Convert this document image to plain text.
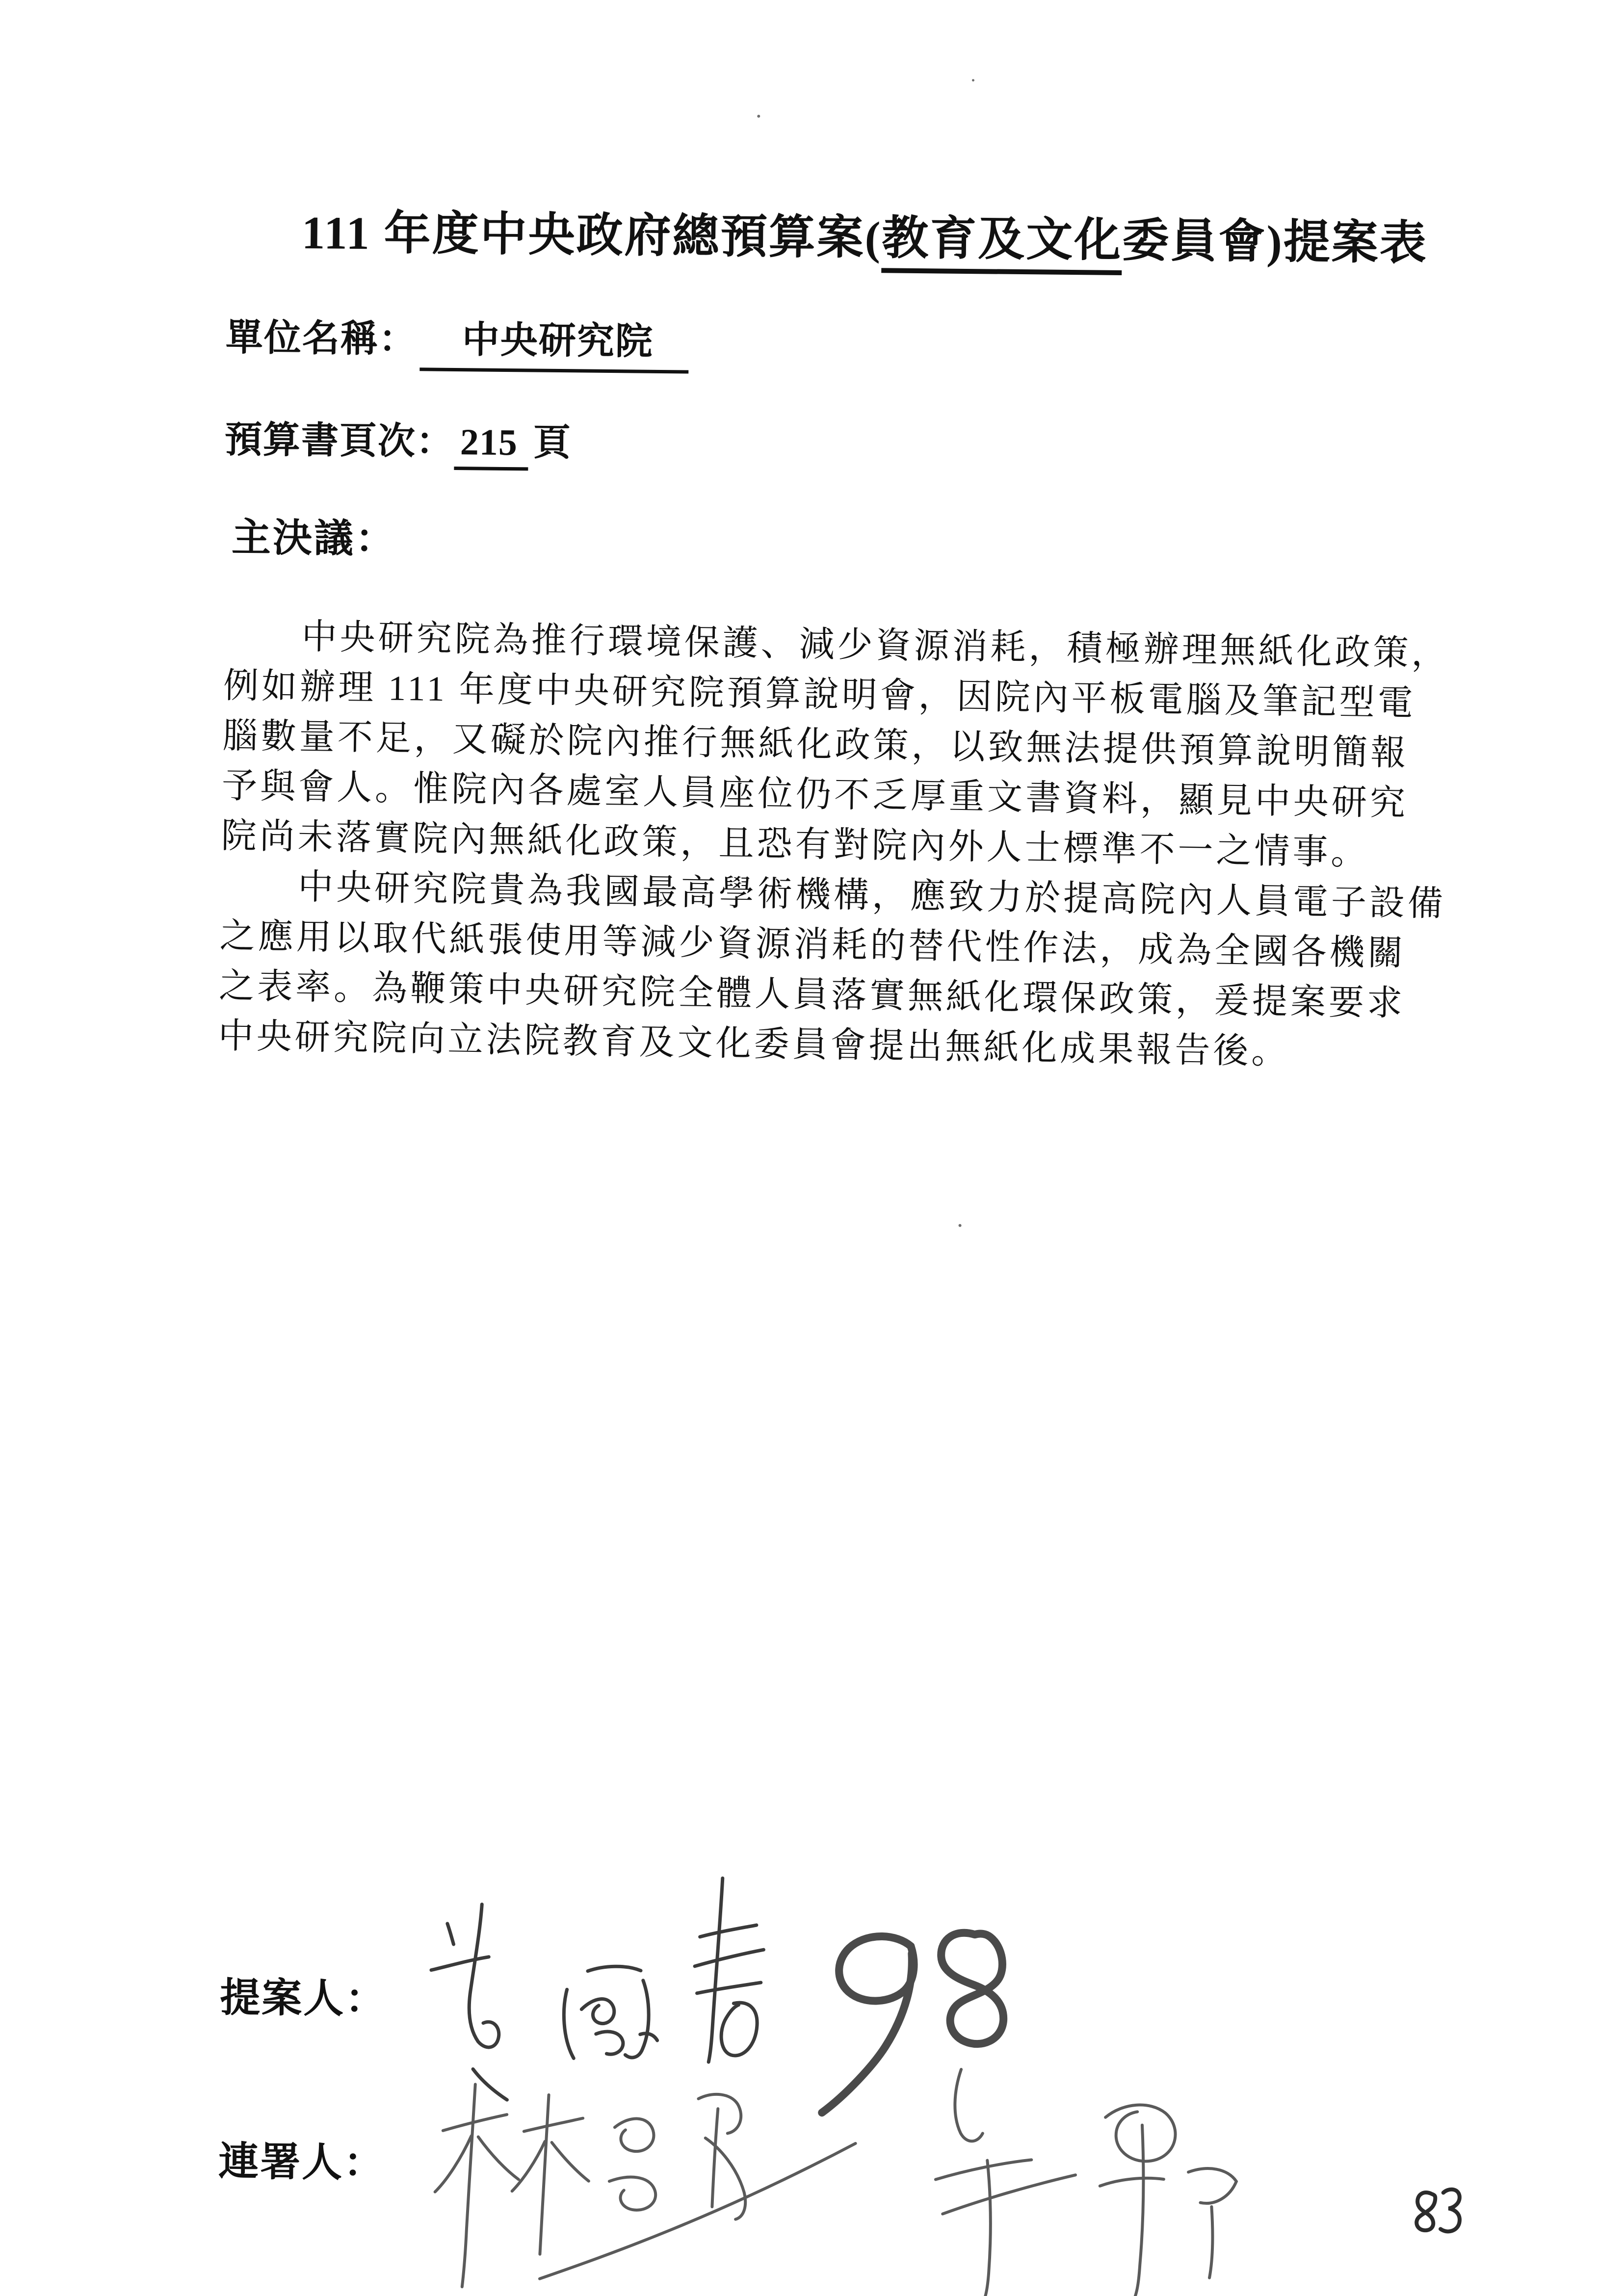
111 年度中央政府總預算案(教育及文化委員會)提案表
單位名稱： 中央研究院
預算書頁次： 215 頁
主決議：
中央研究院為推行環境保護、減少資源消耗，積極辦理無紙化政策，
例如辦理 111 年度中央研究院預算說明會，因院內平板電腦及筆記型電
腦數量不足，又礙於院內推行無紙化政策，以致無法提供預算說明簡報
予與會人。惟院內各處室人員座位仍不乏厚重文書資料，顯見中央研究
院尚未落實院內無紙化政策，且恐有對院內外人士標準不一之情事。
中央研究院貴為我國最高學術機構，應致力於提高院內人員電子設備
之應用以取代紙張使用等減少資源消耗的替代性作法，成為全國各機關
之表率。為鞭策中央研究院全體人員落實無紙化環保政策，爰提案要求
中央研究院向立法院教育及文化委員會提出無紙化成果報告後。
提案人：
連署人：
